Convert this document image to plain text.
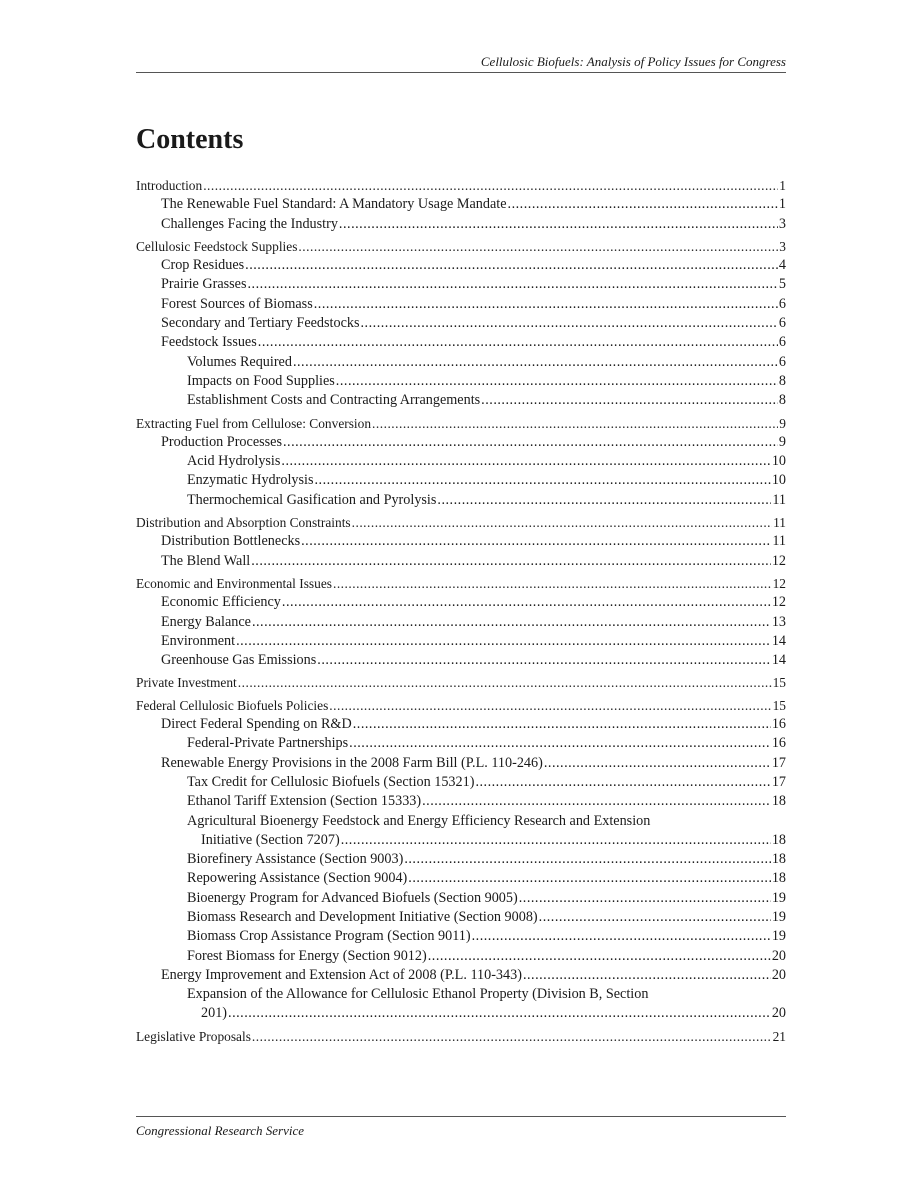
Cellulosic Biofuels: Analysis of Policy Issues for Congress
Contents
Introduction .....	1
The Renewable Fuel Standard: A Mandatory Usage Mandate .....	1
Challenges Facing the Industry .....	3
Cellulosic Feedstock Supplies .....	3
Crop Residues .....	4
Prairie Grasses .....	5
Forest Sources of Biomass .....	6
Secondary and Tertiary Feedstocks .....	6
Feedstock Issues .....	6
Volumes Required .....	6
Impacts on Food Supplies .....	8
Establishment Costs and Contracting Arrangements .....	8
Extracting Fuel from Cellulose: Conversion .....	9
Production Processes .....	9
Acid Hydrolysis .....	10
Enzymatic Hydrolysis .....	10
Thermochemical Gasification and Pyrolysis .....	11
Distribution and Absorption Constraints .....	11
Distribution Bottlenecks .....	11
The Blend Wall .....	12
Economic and Environmental Issues .....	12
Economic Efficiency .....	12
Energy Balance .....	13
Environment .....	14
Greenhouse Gas Emissions .....	14
Private Investment .....	15
Federal Cellulosic Biofuels Policies .....	15
Direct Federal Spending on R&D .....	16
Federal-Private Partnerships .....	16
Renewable Energy Provisions in the 2008 Farm Bill (P.L. 110-246) .....	17
Tax Credit for Cellulosic Biofuels (Section 15321) .....	17
Ethanol Tariff Extension (Section 15333) .....	18
Agricultural Bioenergy Feedstock and Energy Efficiency Research and Extension
Initiative (Section 7207) .....	18
Biorefinery Assistance (Section 9003) .....	18
Repowering Assistance (Section 9004) .....	18
Bioenergy Program for Advanced Biofuels (Section 9005) .....	19
Biomass Research and Development Initiative (Section 9008) .....	19
Biomass Crop Assistance Program (Section 9011) .....	19
Forest Biomass for Energy (Section 9012) .....	20
Energy Improvement and Extension Act of 2008 (P.L. 110-343) .....	20
Expansion of the Allowance for Cellulosic Ethanol Property (Division B, Section
201) .....	20
Legislative Proposals .....	21
Congressional Research Service
